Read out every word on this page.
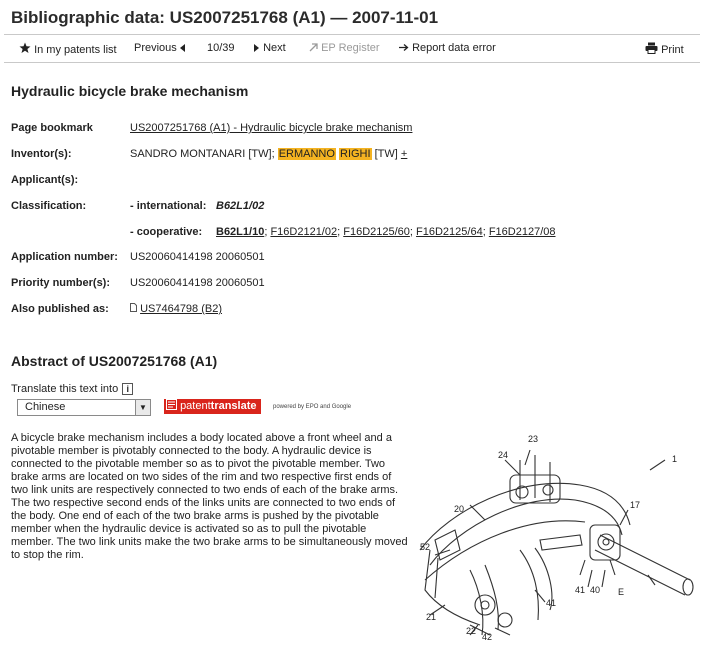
Bibliographic data: US2007251768 (A1) — 2007-11-01
In my patents list Previous	10/39	Next	EP Register	Report data error	Print
Hydraulic bicycle brake mechanism
Page bookmark	US2007251768 (A1) - Hydraulic bicycle brake mechanism
Inventor(s):	SANDRO MONTANARI [TW]; ERMANNO RIGHI [TW] +
Applicant(s):
Classification:	- international: B62L1/02
- cooperative: B62L1/10; F16D2121/02; F16D2125/60; F16D2125/64; F16D2127/08
Application number: US20060414198 20060501
Priority number(s): US20060414198 20060501
Also published as:	US7464798 (B2)
Abstract of US2007251768 (A1)
Translate this text into i
Chinese	▼	patenttranslate	powered by EPO and Google
A bicycle brake mechanism includes a body located above a front wheel and a pivotable member is pivotably connected to the body. A hydraulic device is connected to the pivotable member so as to pivot the pivotable member. Two brake arms are located on two sides of the rim and two respective first ends of two link units are respectively connected to two ends of each of the brake arms. The two respective second ends of the links units are connected to two ends of the body. One end of each of the two brake arms is pushed by the pivotable member when the hydraulic device is activated so as to pull the pivotable member. The two link units make the two brake arms to be simultaneously moved to stop the rim.
23
24	1
17
20
52
E
41 40
41
21
22
42
